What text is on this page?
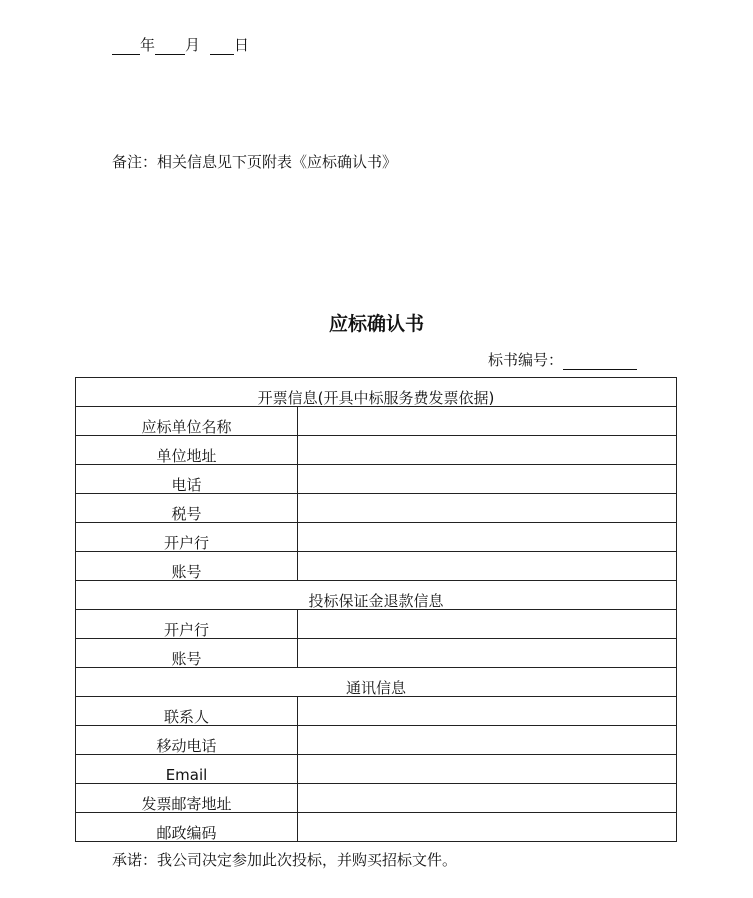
年 月 日
备注：相关信息见下页附表《应标确认书》
应标确认书
标书编号：
开票信息(开具中标服务费发票依据)	
应标单位名称	
单位地址	
电话	
税号	
开户行	
账号	
投标保证金退款信息	
开户行	
账号	
通讯信息	
联系人	
移动电话	
Email	
发票邮寄地址	
邮政编码	
承诺：我公司决定参加此次投标，并购买招标文件。
